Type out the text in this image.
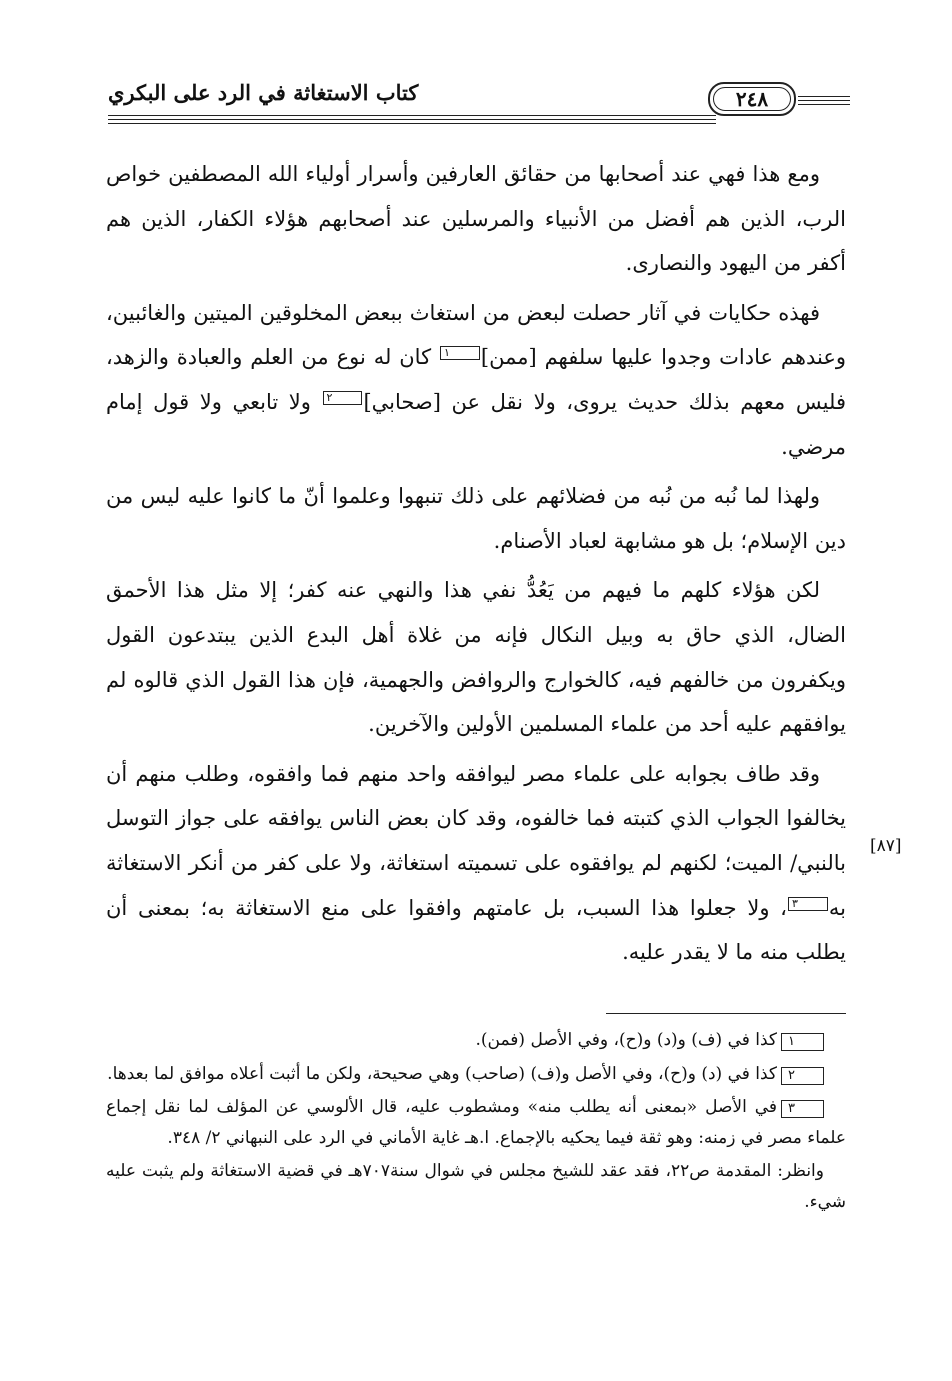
كتاب الاستغاثة في الرد على البكري	٢٤٨

ومع هذا فهي عند أصحابها من حقائق العارفين وأسرار أولياء الله المصطفين خواص الرب، الذين هم أفضل من الأنبياء والمرسلين عند أصحابهم هؤلاء الكفار، الذين هم أكفر من اليهود والنصارى.

فهذه حكايات في آثار حصلت لبعض من استغاث ببعض المخلوقين الميتين والغائبين، وعندهم عادات وجدوا عليها سلفهم [ممن]١ كان له نوع من العلم والعبادة والزهد، فليس معهم بذلك حديث يروى، ولا نقل عن [صحابي]٢ ولا تابعي ولا قول إمام مرضي.

ولهذا لما نُبه من نُبه من فضلائهم على ذلك تنبهوا وعلموا أنّ ما كانوا عليه ليس من دين الإسلام؛ بل هو مشابهة لعباد الأصنام.

لكن هؤلاء كلهم ما فيهم من يَعُدُّ نفي هذا والنهي عنه كفر؛ إلا مثل هذا الأحمق الضال، الذي حاق به وبيل النكال فإنه من غلاة أهل البدع الذين يبتدعون القول ويكفرون من خالفهم فيه، كالخوارج والروافض والجهمية، فإن هذا القول الذي قالوه لم يوافقهم عليه أحد من علماء المسلمين الأولين والآخرين.

وقد طاف بجوابه على علماء مصر ليوافقه واحد منهم فما وافقوه، وطلب منهم أن يخالفوا الجواب الذي كتبته فما خالفوه، وقد كان بعض الناس يوافقه على جواز التوسل بالنبي/ الميت؛ لكنهم لم يوافقوه على تسميته استغاثة، ولا على كفر من أنكر الاستغاثة به٣، ولا جعلوا هذا السبب، بل عامتهم وافقوا على منع الاستغاثة به؛ بمعنى أن يطلب منه ما لا يقدر عليه.

[٨٧]

١كذا في (ف) و(د) و(ح)، وفي الأصل (فمن).

٢كذا في (د) و(ح)، وفي الأصل و(ف) (صاحب) وهي صحيحة، ولكن ما أثبت أعلاه موافق لما بعدها.

٣في الأصل «بمعنى أنه يطلب منه» ومشطوب عليه، قال الألوسي عن المؤلف لما نقل إجماع علماء مصر في زمنه: وهو ثقة فيما يحكيه بالإجماع. ا.هـ غاية الأماني في الرد على النبهاني ٢/ ٣٤٨.

وانظر: المقدمة ص٢٢، فقد عقد للشيخ مجلس في شوال سنة٧٠٧هـ في قضية الاستغاثة ولم يثبت عليه شيء.
